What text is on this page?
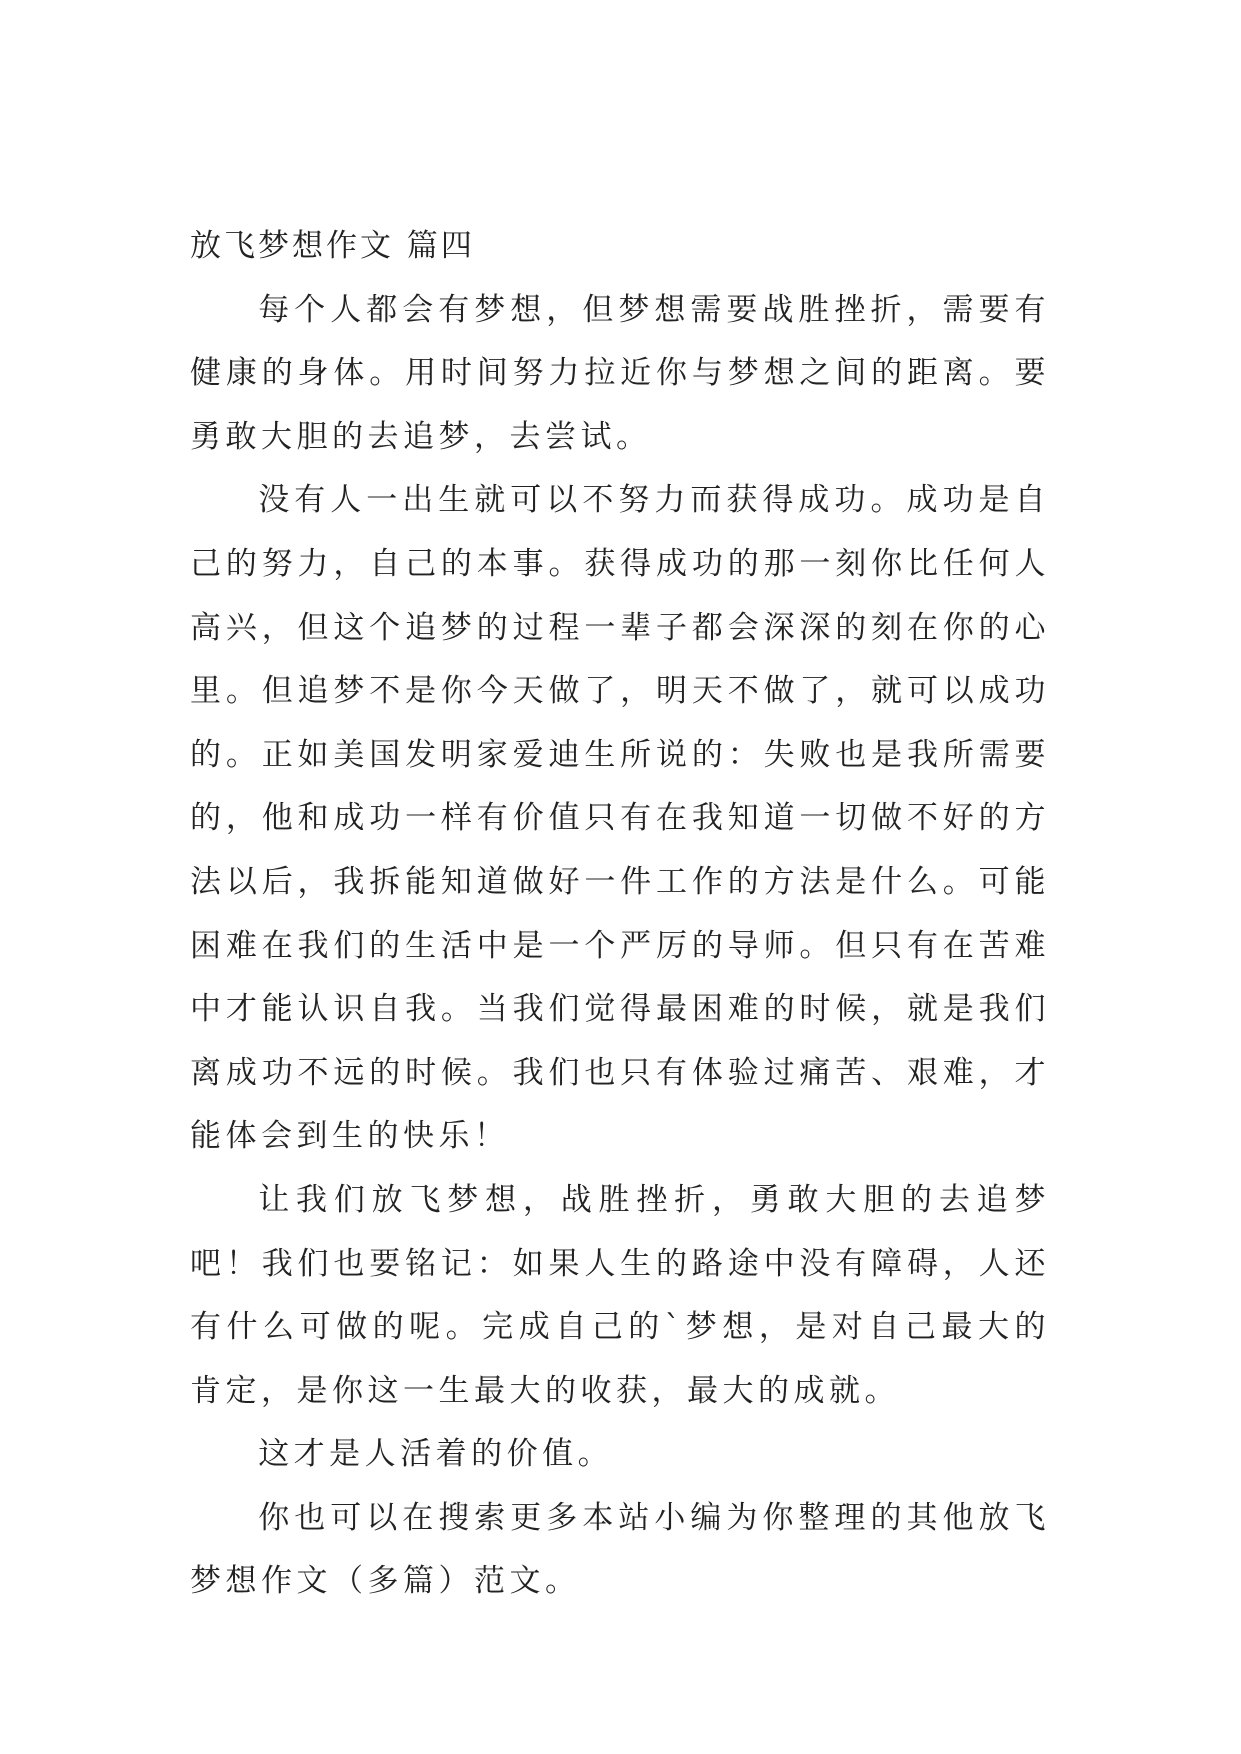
放飞梦想作文 篇四

每个人都会有梦想，但梦想需要战胜挫折，需要有健康的身体。用时间努力拉近你与梦想之间的距离。要勇敢大胆的去追梦，去尝试。

没有人一出生就可以不努力而获得成功。成功是自己的努力，自己的本事。获得成功的那一刻你比任何人高兴，但这个追梦的过程一辈子都会深深的刻在你的心里。但追梦不是你今天做了，明天不做了，就可以成功的。正如美国发明家爱迪生所说的：失败也是我所需要的，他和成功一样有价值只有在我知道一切做不好的方法以后，我拆能知道做好一件工作的方法是什么。可能困难在我们的生活中是一个严厉的导师。但只有在苦难中才能认识自我。当我们觉得最困难的时候，就是我们离成功不远的时候。我们也只有体验过痛苦、艰难，才能体会到生的快乐！

让我们放飞梦想，战胜挫折，勇敢大胆的去追梦吧！我们也要铭记：如果人生的路途中没有障碍，人还有什么可做的呢。完成自己的`梦想，是对自己最大的肯定，是你这一生最大的收获，最大的成就。

这才是人活着的价值。

你也可以在搜索更多本站小编为你整理的其他放飞梦想作文（多篇）范文。
